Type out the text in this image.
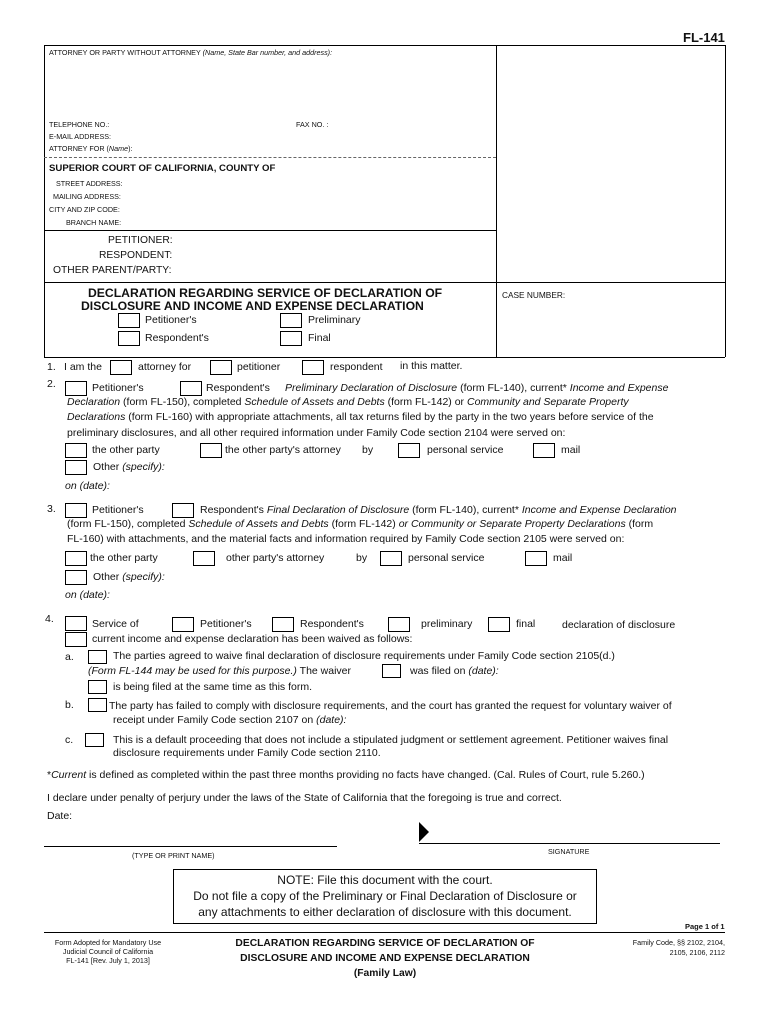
FL-141
ATTORNEY OR PARTY WITHOUT ATTORNEY (Name, State Bar number, and address):
TELEPHONE NO.:	FAX NO. :
E-MAIL ADDRESS:
ATTORNEY FOR (Name):
SUPERIOR COURT OF CALIFORNIA, COUNTY OF
STREET ADDRESS:
MAILING ADDRESS:
CITY AND ZIP CODE:
BRANCH NAME:
PETITIONER:
RESPONDENT:
OTHER PARENT/PARTY:
DECLARATION REGARDING SERVICE OF DECLARATION OF
DISCLOSURE AND INCOME AND EXPENSE DECLARATION
CASE NUMBER:
Petitioner's	Preliminary
Respondent's	Final
1. I am the	attorney for	petitioner	respondent in this matter.
2.	Petitioner's	Respondent's Preliminary Declaration of Disclosure (form FL-140), current* Income and Expense
Declaration (form FL-150), completed Schedule of Assets and Debts (form FL-142) or Community and Separate Property
Declarations (form FL-160) with appropriate attachments, all tax returns filed by the party in the two years before service of the
preliminary disclosures, and all other required information under Family Code section 2104 were served on:
the other party	the other party's attorney by	personal service	mail
Other (specify):
on (date):
3.	Petitioner's	Respondent's Final Declaration of Disclosure (form FL-140), current* Income and Expense Declaration
(form FL-150), completed Schedule of Assets and Debts (form FL-142) or Community or Separate Property Declarations (form
FL-160) with attachments, and the material facts and information required by Family Code section 2105 were served on:
the other party	other party's attorney	by	personal service	mail
Other (specify):
on (date):
4.	Service of	Petitioner's	Respondent's	preliminary	final	declaration of disclosure
current income and expense declaration has been waived as follows:
a.	The parties agreed to waive final declaration of disclosure requirements under Family Code section 2105(d.)
(Form FL-144 may be used for this purpose.) The waiver	was filed on (date):
is being filed at the same time as this form.
b.	The party has failed to comply with disclosure requirements, and the court has granted the request for voluntary waiver of
receipt under Family Code section 2107 on (date):
c.	This is a default proceeding that does not include a stipulated judgment or settlement agreement. Petitioner waives final
disclosure requirements under Family Code section 2110.
*Current is defined as completed within the past three months providing no facts have changed. (Cal. Rules of Court, rule 5.260.)
I declare under penalty of perjury under the laws of the State of California that the foregoing is true and correct.
Date:
(TYPE OR PRINT NAME)	SIGNATURE
NOTE: File this document with the court.
Do not file a copy of the Preliminary or Final Declaration of Disclosure or
any attachments to either declaration of disclosure with this document.
Page 1 of 1
Form Adopted for Mandatory Use
Judicial Council of California
FL-141 [Rev. July 1, 2013]
DECLARATION REGARDING SERVICE OF DECLARATION OF
DISCLOSURE AND INCOME AND EXPENSE DECLARATION
(Family Law)
Family Code, §§ 2102, 2104,
2105, 2106, 2112
